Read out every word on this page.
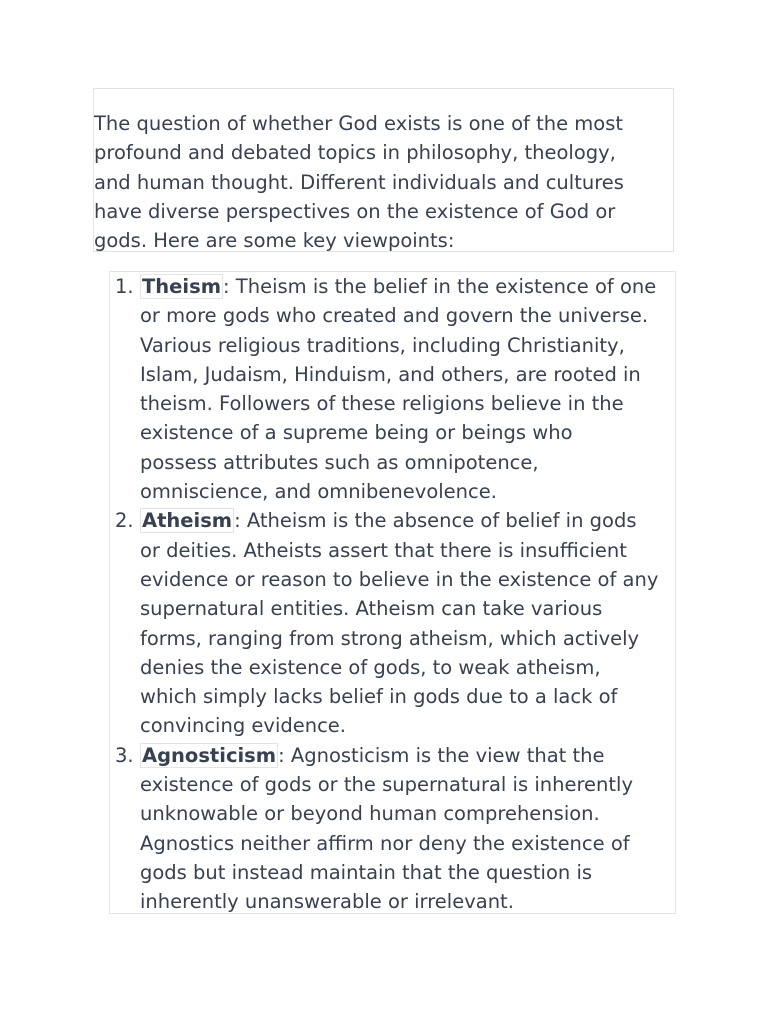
The question of whether God exists is one of the most
profound and debated topics in philosophy, theology,
and human thought. Different individuals and cultures
have diverse perspectives on the existence of God or
gods. Here are some key viewpoints:

1. Theism : Theism is the belief in the existence of one
or more gods who created and govern the universe.
Various religious traditions, including Christianity,
Islam, Judaism, Hinduism, and others, are rooted in
theism. Followers of these religions believe in the
existence of a supreme being or beings who
possess attributes such as omnipotence,
omniscience, and omnibenevolence.
2. Atheism : Atheism is the absence of belief in gods
or deities. Atheists assert that there is insufficient
evidence or reason to believe in the existence of any
supernatural entities. Atheism can take various
forms, ranging from strong atheism, which actively
denies the existence of gods, to weak atheism,
which simply lacks belief in gods due to a lack of
convincing evidence.
3. Agnosticism : Agnosticism is the view that the
existence of gods or the supernatural is inherently
unknowable or beyond human comprehension.
Agnostics neither affirm nor deny the existence of
gods but instead maintain that the question is
inherently unanswerable or irrelevant.
